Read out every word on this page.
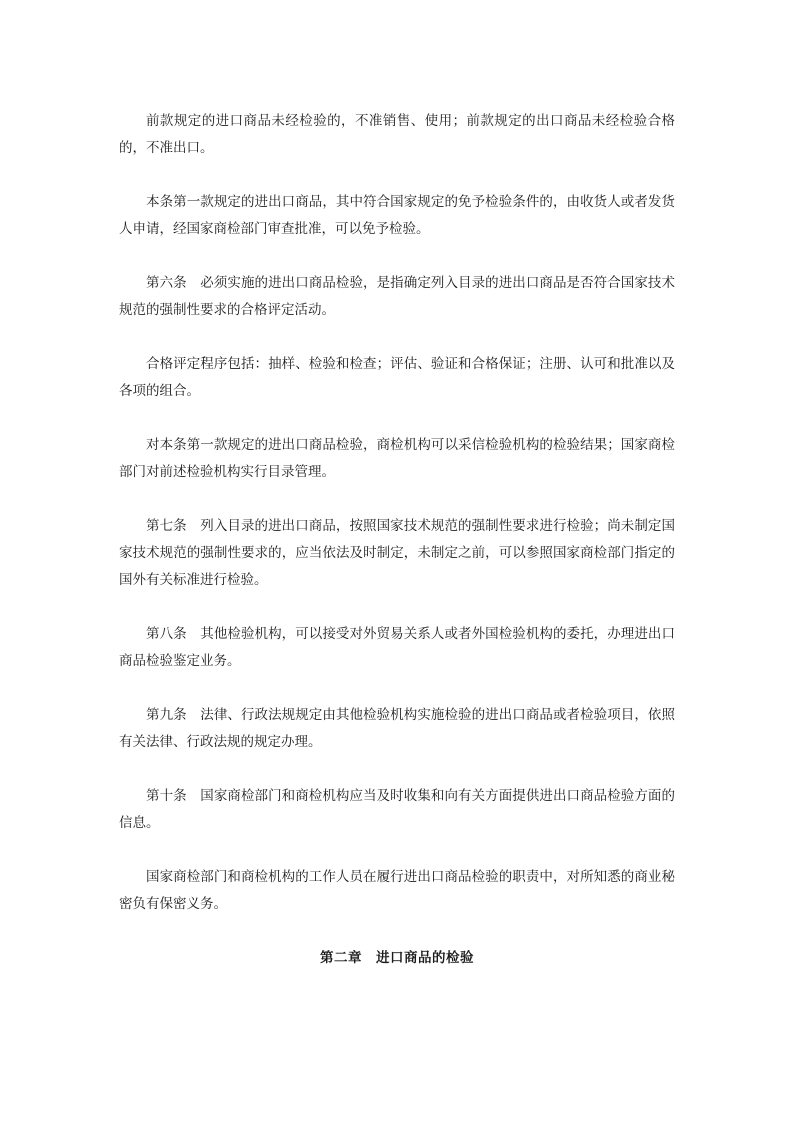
前款规定的进口商品未经检验的，不准销售、使用；前款规定的出口商品未经检验合格的，不准出口。

本条第一款规定的进出口商品，其中符合国家规定的免予检验条件的，由收货人或者发货人申请，经国家商检部门审查批准，可以免予检验。

第六条　必须实施的进出口商品检验，是指确定列入目录的进出口商品是否符合国家技术规范的强制性要求的合格评定活动。

合格评定程序包括：抽样、检验和检查；评估、验证和合格保证；注册、认可和批准以及各项的组合。

对本条第一款规定的进出口商品检验，商检机构可以采信检验机构的检验结果；国家商检部门对前述检验机构实行目录管理。

第七条　列入目录的进出口商品，按照国家技术规范的强制性要求进行检验；尚未制定国家技术规范的强制性要求的，应当依法及时制定，未制定之前，可以参照国家商检部门指定的国外有关标准进行检验。

第八条　其他检验机构，可以接受对外贸易关系人或者外国检验机构的委托，办理进出口商品检验鉴定业务。

第九条　法律、行政法规规定由其他检验机构实施检验的进出口商品或者检验项目，依照有关法律、行政法规的规定办理。

第十条　国家商检部门和商检机构应当及时收集和向有关方面提供进出口商品检验方面的信息。

国家商检部门和商检机构的工作人员在履行进出口商品检验的职责中，对所知悉的商业秘密负有保密义务。

第二章　进口商品的检验
